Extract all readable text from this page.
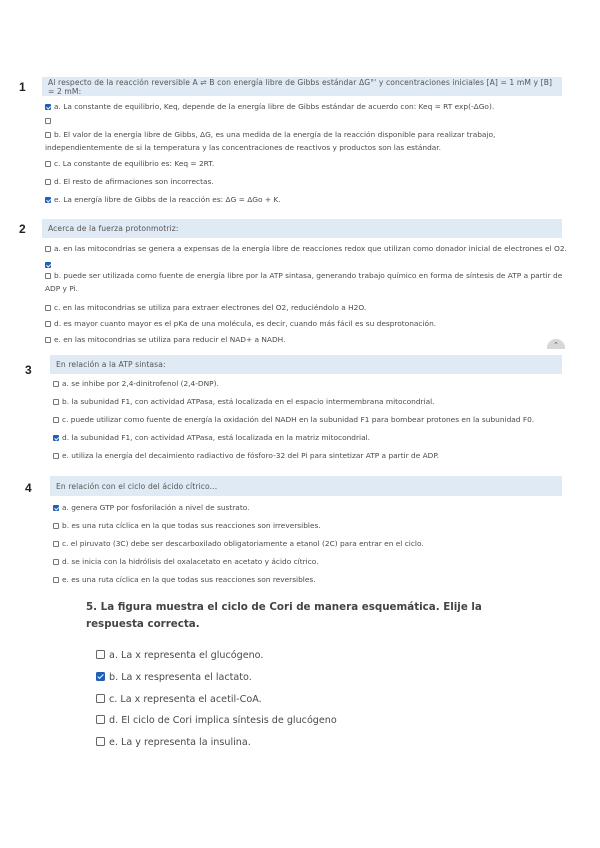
1	Al respecto de la reacción reversible A ⇌ B con energía libre de Gibbs estándar ΔG°' y concentraciones iniciales [A] = 1 mM y [B] = 2 mM:
a. La constante de equilibrio, Keq, depende de la energía libre de Gibbs estándar de acuerdo con: Keq = RT exp(-ΔGo).
b. El valor de la energía libre de Gibbs, ΔG, es una medida de la energía de la reacción disponible para realizar trabajo, independientemente de si la temperatura y las concentraciones de reactivos y productos son las estándar.
c. La constante de equilibrio es: Keq = 2RT.
d. El resto de afirmaciones son incorrectas.
e. La energía libre de Gibbs de la reacción es: ΔG = ΔGo + K.
2	Acerca de la fuerza protonmotriz:
a. en las mitocondrias se genera a expensas de la energía libre de reacciones redox que utilizan como donador inicial de electrones el O2.
b. puede ser utilizada como fuente de energía libre por la ATP sintasa, generando trabajo químico en forma de síntesis de ATP a partir de ADP y Pi.
c. en las mitocondrias se utiliza para extraer electrones del O2, reduciéndolo a H2O.
d. es mayor cuanto mayor es el pKa de una molécula, es decir, cuando más fácil es su desprotonación.
e. en las mitocondrias se utiliza para reducir el NAD+ a NADH.
⌃
3	En relación a la ATP sintasa:
a. se inhibe por 2,4-dinitrofenol (2,4-DNP).
b. la subunidad F1, con actividad ATPasa, está localizada en el espacio intermembrana mitocondrial.
c. puede utilizar como fuente de energía la oxidación del NADH en la subunidad F1 para bombear protones en la subunidad F0.
d. la subunidad F1, con actividad ATPasa, está localizada en la matriz mitocondrial.
e. utiliza la energía del decaimiento radiactivo de fósforo-32 del Pi para sintetizar ATP a partir de ADP.
4	En relación con el ciclo del ácido cítrico...
a. genera GTP por fosforilación a nivel de sustrato.
b. es una ruta cíclica en la que todas sus reacciones son irreversibles.
c. el piruvato (3C) debe ser descarboxilado obligatoriamente a etanol (2C) para entrar en el ciclo.
d. se inicia con la hidrólisis del oxalacetato en acetato y ácido cítrico.
e. es una ruta cíclica en la que todas sus reacciones son reversibles.
5. La figura muestra el ciclo de Cori de manera esquemática. Elije la respuesta correcta.
a. La x representa el glucógeno.
b. La x respresenta el lactato.
c. La x representa el acetil-CoA.
d. El ciclo de Cori implica síntesis de glucógeno
e. La y representa la insulina.
